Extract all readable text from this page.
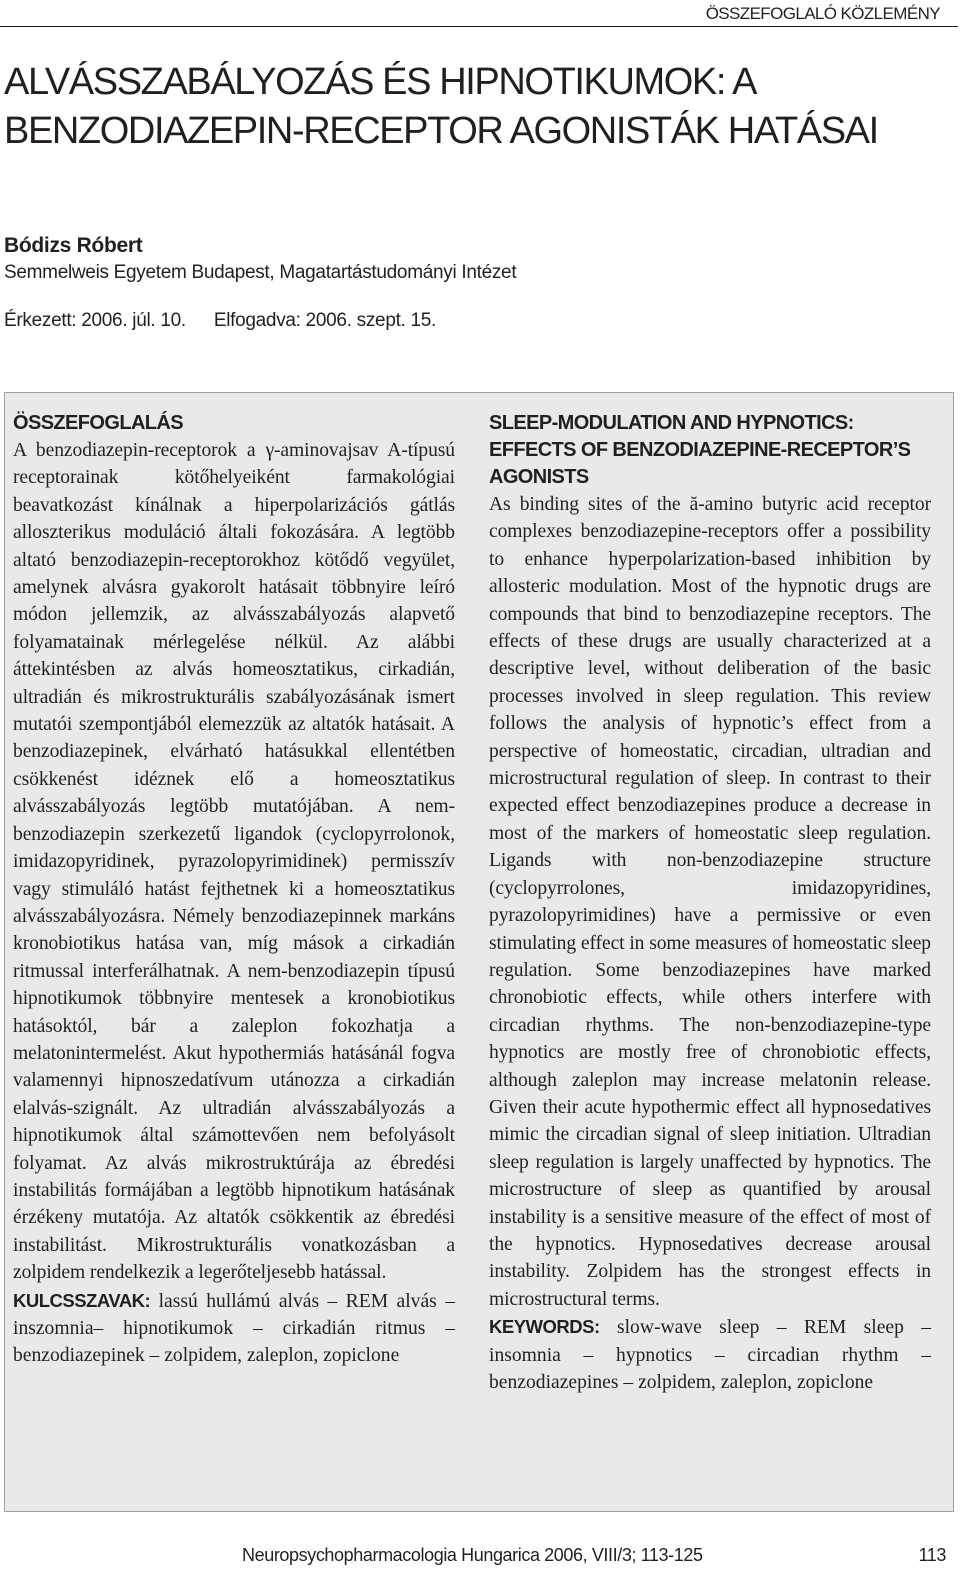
ÖSSZEFOGLALÓ KÖZLEMÉNY
ALVÁSSZABÁLYOZÁS ÉS HIPNOTIKUMOK: A BENZODIAZEPIN-RECEPTOR AGONISTÁK HATÁSAI
Bódizs Róbert
Semmelweis Egyetem Budapest, Magatartástudományi Intézet
Érkezett: 2006. júl. 10. Elfogadva: 2006. szept. 15.
ÖSSZEFOGLALÁS

A benzodiazepin-receptorok a γ-aminovajsav A-típusú receptorainak kötőhelyeiként farmakológiai beavatkozást kínálnak a hiperpolarizációs gátlás alloszterikus moduláció általi fokozására. A legtöbb altató benzodiazepin-receptorokhoz kötődő vegyület, amelynek alvásra gyakorolt hatásait többnyire leíró módon jellemzik, az alvásszabályozás alapvető folyamatainak mérlegelése nélkül. Az alábbi áttekintésben az alvás homeosztatikus, cirkadián, ultradián és mikrostrukturális szabályozásának ismert mutatói szempontjából elemezzük az altatók hatásait. A benzodiazepinek, elvárható hatásukkal ellentétben csökkenést idéznek elő a homeosztatikus alvásszabályozás legtöbb mutatójában. A nem-benzodiazepin szerkezetű ligandok (cyclopyrrolonok, imidazopyridinek, pyrazolopyrimidinek) permisszív vagy stimuláló hatást fejthetnek ki a homeosztatikus alvásszabályozásra. Némely benzodiazepinnek markáns kronobiotikus hatása van, míg mások a cirkadián ritmussal interferálhatnak. A nem-benzodiazepin típusú hipnotikumok többnyire mentesek a kronobiotikus hatásoktól, bár a zaleplon fokozhatja a melatonintermelést. Akut hypothermiás hatásánál fogva valamennyi hipnoszedatívum utánozza a cirkadián elalvás-szignált. Az ultradián alvásszabályozás a hipnotikumok által számottevően nem befolyásolt folyamat. Az alvás mikrostruktúrája az ébredési instabilitás formájában a legtöbb hipnotikum hatásának érzékeny mutatója. Az altatók csökkentik az ébredési instabilitást. Mikrostrukturális vonatkozásban a zolpidem rendelkezik a legerőteljesebb hatással.

KULCSSZAVAK: lassú hullámú alvás – REM alvás – inszomnia– hipnotikumok – cirkadián ritmus – benzodiazepinek – zolpidem, zaleplon, zopiclone

SLEEP-MODULATION AND HYPNOTICS: EFFECTS OF BENZODIAZEPINE-RECEPTOR’S AGONISTS

As binding sites of the ă-amino butyric acid receptor complexes benzodiazepine-receptors offer a possibility to enhance hyperpolarization-based inhibition by allosteric modulation. Most of the hypnotic drugs are compounds that bind to benzodiazepine receptors. The effects of these drugs are usually characterized at a descriptive level, without deliberation of the basic processes involved in sleep regulation. This review follows the analysis of hypnotic’s effect from a perspective of homeostatic, circadian, ultradian and microstructural regulation of sleep. In contrast to their expected effect benzodiazepines produce a decrease in most of the markers of homeostatic sleep regulation. Ligands with non-benzodiazepine structure (cyclopyrrolones, imidazopyridines, pyrazolopyrimidines) have a permissive or even stimulating effect in some measures of homeostatic sleep regulation. Some benzodiazepines have marked chronobiotic effects, while others interfere with circadian rhythms. The non-benzodiazepine-type hypnotics are mostly free of chronobiotic effects, although zaleplon may increase melatonin release. Given their acute hypothermic effect all hypnosedatives mimic the circadian signal of sleep initiation. Ultradian sleep regulation is largely unaffected by hypnotics. The microstructure of sleep as quantified by arousal instability is a sensitive measure of the effect of most of the hypnotics. Hypnosedatives decrease arousal instability. Zolpidem has the strongest effects in microstructural terms.

KEYWORDS: slow-wave sleep – REM sleep – insomnia – hypnotics – circadian rhythm – benzodiazepines – zolpidem, zaleplon, zopiclone

Neuropsychopharmacologia Hungarica 2006, VIII/3; 113-125	113
